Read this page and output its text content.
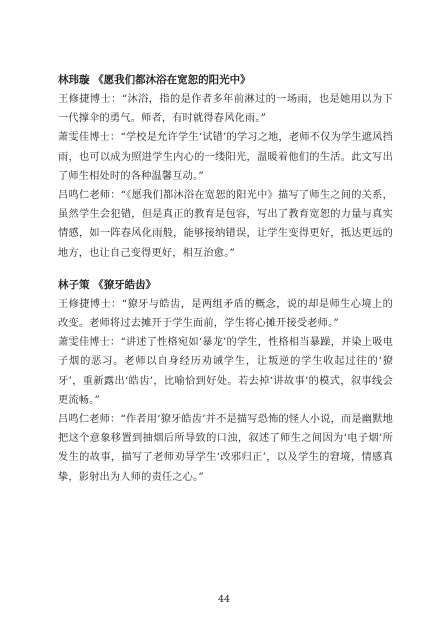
林玮璇 《愿我们都沐浴在宽恕的阳光中》

王修捷博士：“沐浴，指的是作者多年前淋过的一场雨，也是她用以为下一代撑伞的勇气。师者，有时就得春风化雨。”

萧雯佳博士：“学校是允许学生‘试错’的学习之地，老师不仅为学生遮风挡雨，也可以成为照进学生内心的一缕阳光，温暖着他们的生活。此文写出了师生相处时的各种温馨互动。”

吕鸣仁老师：“《愿我们都沐浴在宽恕的阳光中》描写了师生之间的关系，虽然学生会犯错，但是真正的教育是包容，写出了教育宽恕的力量与真实情感，如一阵春风化雨般，能够接纳错误，让学生变得更好，抵达更远的地方，也让自己变得更好，相互治愈。”

林子策 《獠牙皓齿》

王修捷博士：“獠牙与皓齿，是两组矛盾的概念，说的却是师生心境上的改变。老师将过去摊开于学生面前，学生将心摊开接受老师。”

萧雯佳博士：“讲述了性格宛如‘暴龙’的学生，性格相当暴躁，并染上吸电子烟的恶习。老师以自身经历劝诫学生，让叛逆的学生收起过往的‘獠牙’，重新露出‘皓齿’，比喻恰到好处。若去掉‘讲故事’的模式，叙事线会更流畅。”

吕鸣仁老师：“作者用‘獠牙皓齿’并不是描写恐怖的怪人小说，而是幽默地把这个意象移置到抽烟后所导致的口浊，叙述了师生之间因为‘电子烟’所发生的故事，描写了老师劝导学生‘改邪归正’，以及学生的窘境，情感真挚，影射出为人师的责任之心。”

44
